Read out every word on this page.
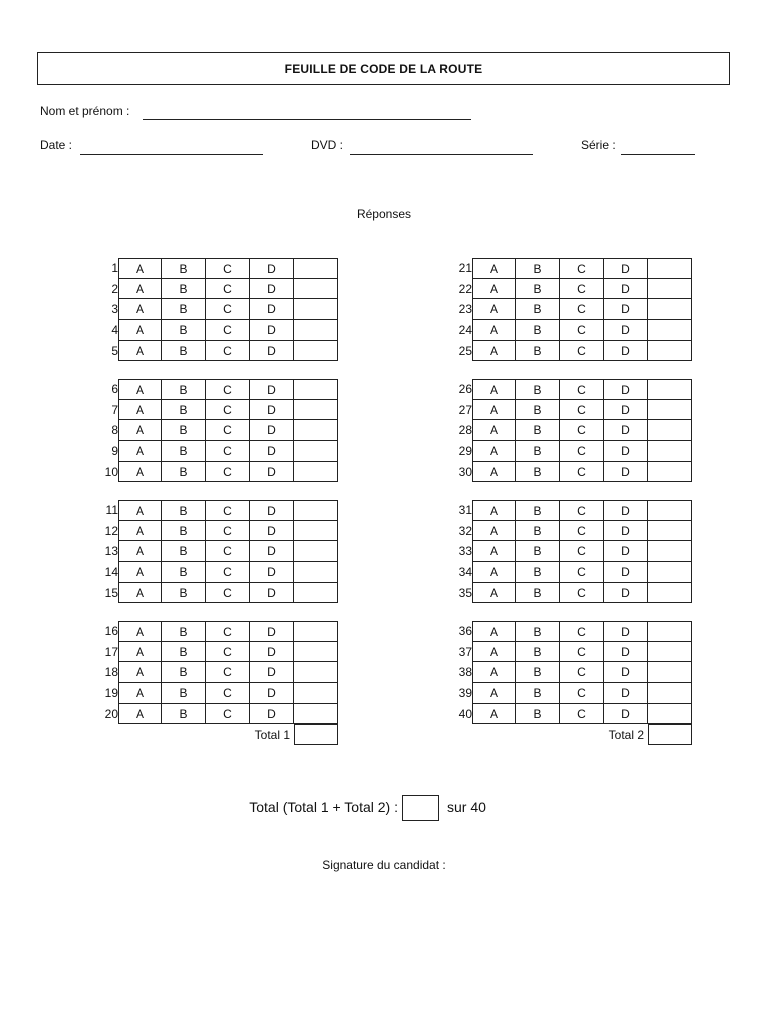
FEUILLE DE CODE DE LA ROUTE
Nom et prénom :
Date :	DVD :	Série :
Réponses
1	A	B	C	D
2	A	B	C	D
3	A	B	C	D
4	A	B	C	D
5	A	B	C	D
6	A	B	C	D
7	A	B	C	D
8	A	B	C	D
9	A	B	C	D
10	A	B	C	D
11	A	B	C	D
12	A	B	C	D
13	A	B	C	D
14	A	B	C	D
15	A	B	C	D
16	A	B	C	D
17	A	B	C	D
18	A	B	C	D
19	A	B	C	D
20	A	B	C	D
Total 1
21	A	B	C	D
22	A	B	C	D
23	A	B	C	D
24	A	B	C	D
25	A	B	C	D
26	A	B	C	D
27	A	B	C	D
28	A	B	C	D
29	A	B	C	D
30	A	B	C	D
31	A	B	C	D
32	A	B	C	D
33	A	B	C	D
34	A	B	C	D
35	A	B	C	D
36	A	B	C	D
37	A	B	C	D
38	A	B	C	D
39	A	B	C	D
40	A	B	C	D
Total 2
Total (Total 1 + Total 2) :	sur 40
Signature du candidat :
